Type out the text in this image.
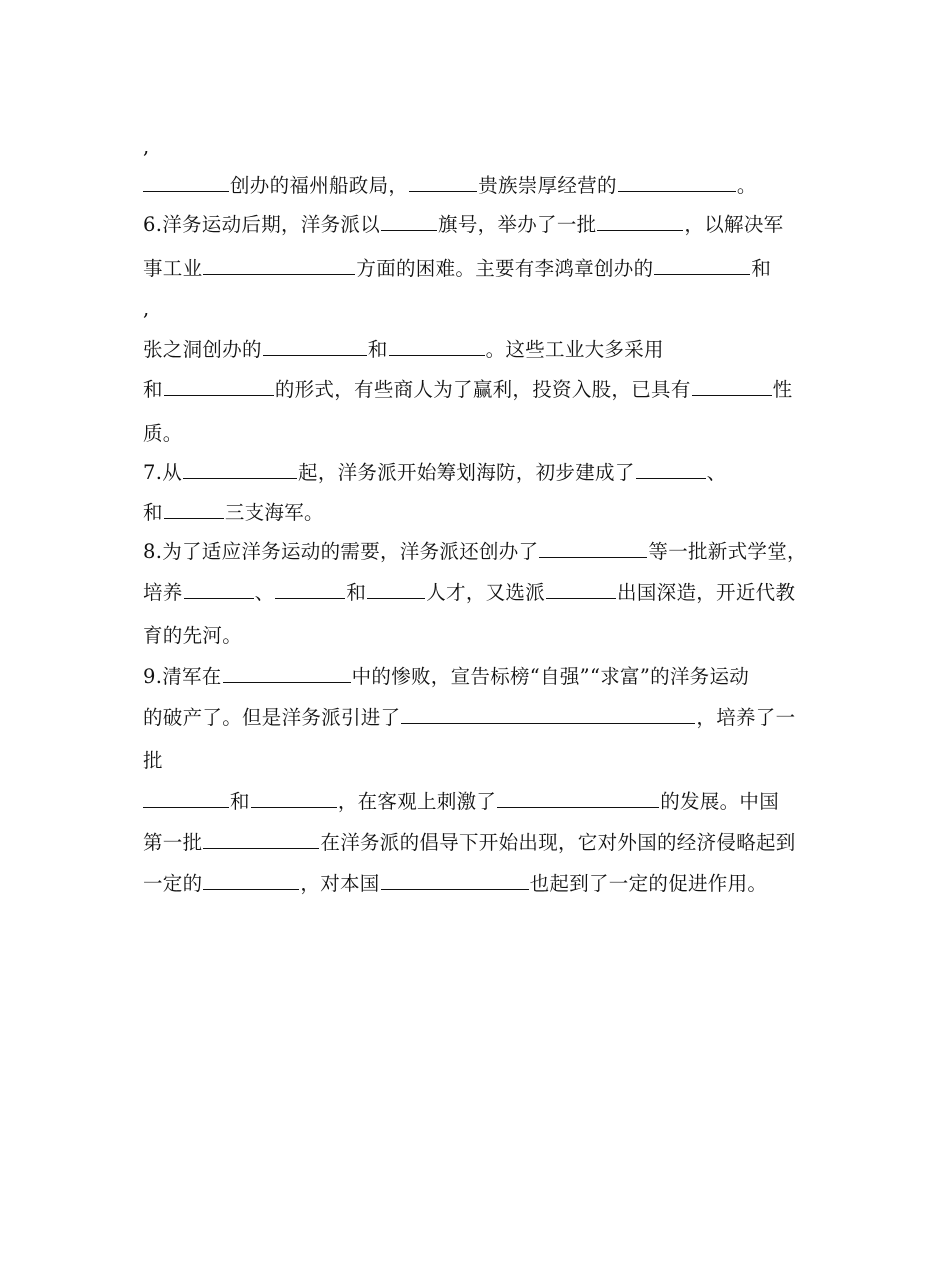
,
创办的福州船政局，	贵族崇厚经营的	。
6.洋务运动后期，洋务派以	旗号，举办了一批	，以解决军
事工业	方面的困难。主要有李鸿章创办的	和
,
张之洞创办的	和	。这些工业大多采用
和	的形式，有些商人为了赢利，投资入股，已具有	性
质。
7.从	起，洋务派开始筹划海防，初步建成了	、
和	三支海军。
8.为了适应洋务运动的需要，洋务派还创办了	等一批新式学堂，
培养	、	和	人才，又选派	出国深造，开近代教
育的先河。
9.清军在	中的惨败，宣告标榜“自强”“求富”的洋务运动
的破产了。但是洋务派引进了	，培养了一
批
和	，在客观上刺激了	的发展。中国
第一批	在洋务派的倡导下开始出现，它对外国的经济侵略起到
一定的	，对本国	也起到了一定的促进作用。
